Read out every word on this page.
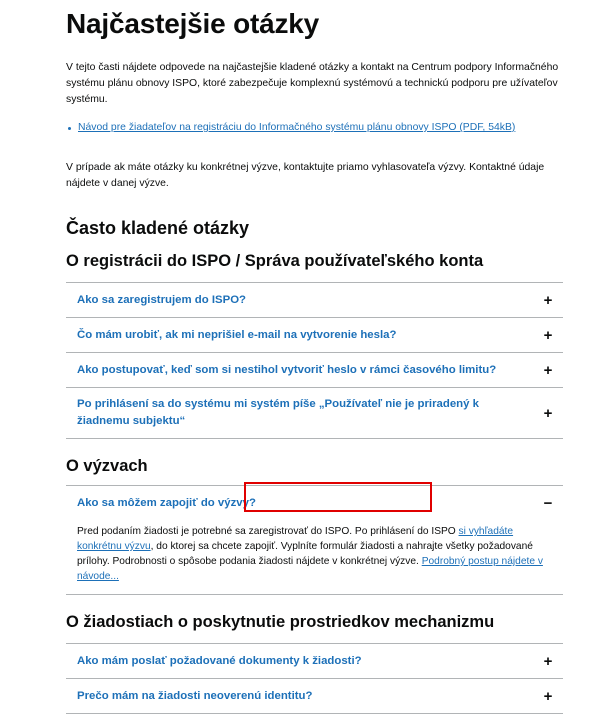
Najčastejšie otázky

V tejto časti nájdete odpovede na najčastejšie kladené otázky a kontakt na Centrum podpory Informačného systému plánu obnovy ISPO, ktoré zabezpečuje komplexnú systémovú a technickú podporu pre užívateľov systému.

Návod pre žiadateľov na registráciu do Informačného systému plánu obnovy ISPO (PDF, 54kB)

V prípade ak máte otázky ku konkrétnej výzve, kontaktujte priamo vyhlasovateľa výzvy. Kontaktné údaje nájdete v danej výzve.

Často kladené otázky
O registrácii do ISPO / Správa používateľského konta
Ako sa zaregistrujem do ISPO?	+
Čo mám urobiť, ak mi neprišiel e-mail na vytvorenie hesla?	+
Ako postupovať, keď som si nestihol vytvoriť heslo v rámci časového limitu?	+
Po prihlásení sa do systému mi systém píše „Používateľ nie je priradený k žiadnemu subjektu“	+
O výzvach
Ako sa môžem zapojiť do výzvy?	−

Pred podaním žiadosti je potrebné sa zaregistrovať do ISPO. Po prihlásení do ISPO si vyhľadáte konkrétnu výzvu, do ktorej sa chcete zapojiť. Vyplníte formulár žiadosti a nahrajte všetky požadované prílohy. Podrobnosti o spôsobe podania žiadosti nájdete v konkrétnej výzve. Podrobný postup nájdete v návode...

O žiadostiach o poskytnutie prostriedkov mechanizmu
Ako mám poslať požadované dokumenty k žiadosti?	+
Prečo mám na žiadosti neoverenú identitu?	+
